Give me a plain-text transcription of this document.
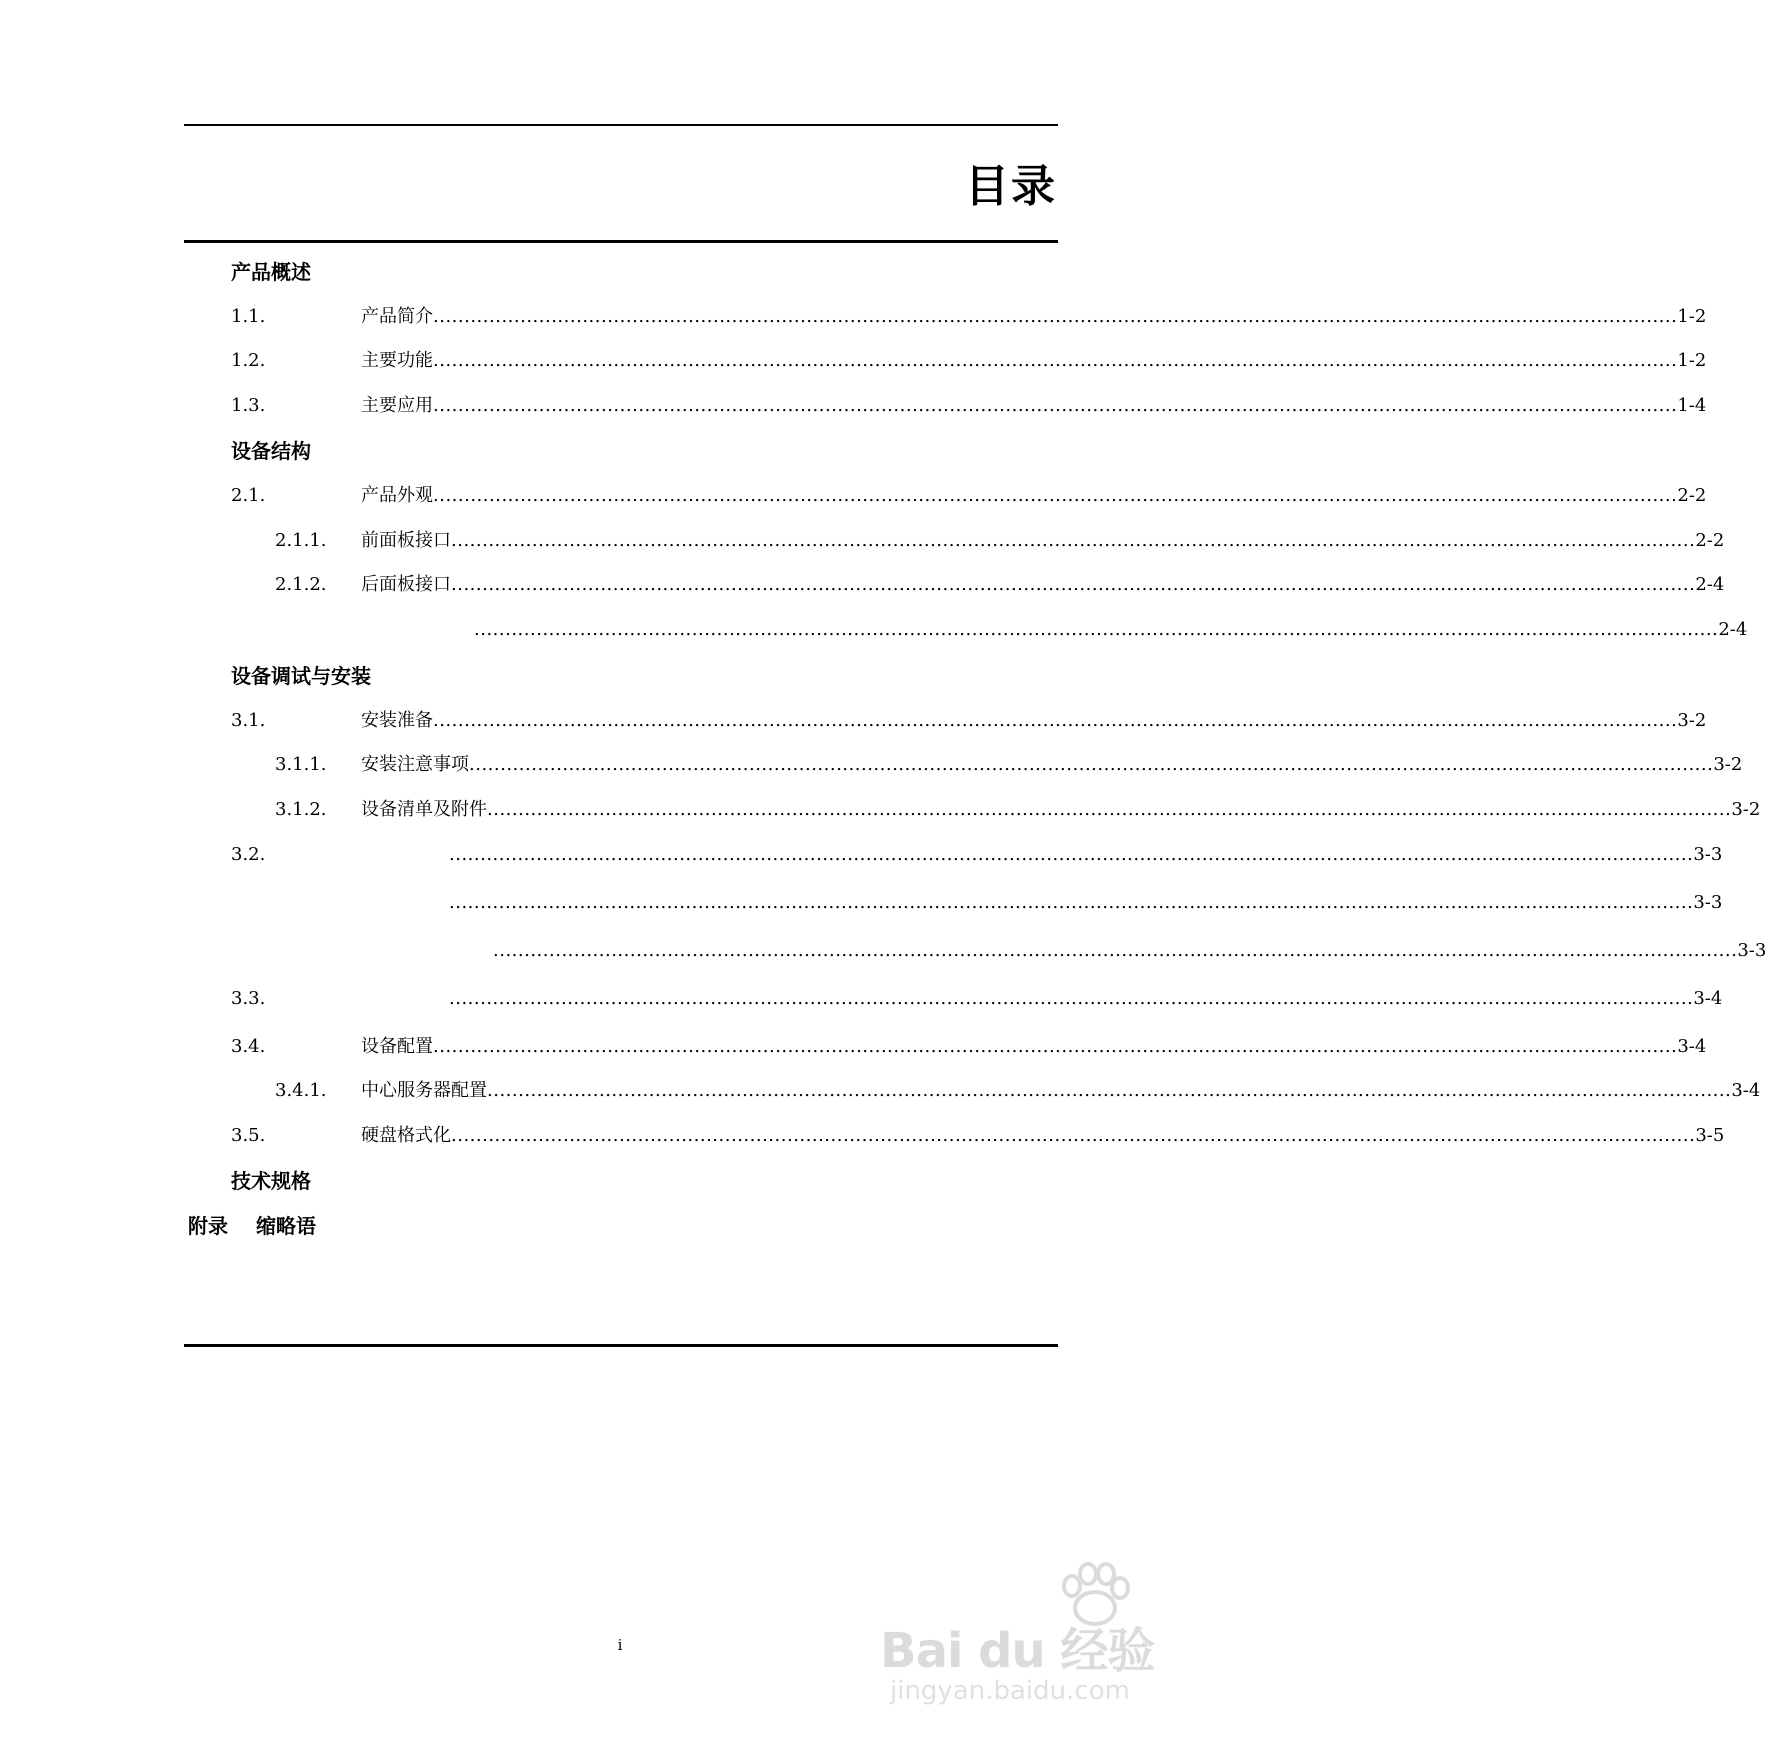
目录
产品概述
1.1.	产品简介 ........................................................................................................................................................................................................ 1-2
1.2.	主要功能 ........................................................................................................................................................................................................ 1-2
1.3.	主要应用 ........................................................................................................................................................................................................ 1-4
设备结构
2.1.	产品外观 ........................................................................................................................................................................................................ 2-2
2.1.1. 前面板接口 ........................................................................................................................................................................................................ 2-2
2.1.2. 后面板接口 ........................................................................................................................................................................................................ 2-4
........................................................................................................................................................................................................ 2-4
设备调试与安装
3.1.	安装准备 ........................................................................................................................................................................................................ 3-2
3.1.1. 安装注意事项 ........................................................................................................................................................................................................ 3-2
3.1.2. 设备清单及附件 ........................................................................................................................................................................................................ 3-2
3.2.	........................................................................................................................................................................................................ 3-3
........................................................................................................................................................................................................ 3-3
........................................................................................................................................................................................................ 3-3
3.3.	........................................................................................................................................................................................................ 3-4
3.4.	设备配置 ........................................................................................................................................................................................................ 3-4
3.4.1. 中心服务器配置 ........................................................................................................................................................................................................ 3-4
3.5.	硬盘格式化 ........................................................................................................................................................................................................ 3-5
技术规格
附录 缩略语
i	Bai du 经验
jingyan.baidu.com
